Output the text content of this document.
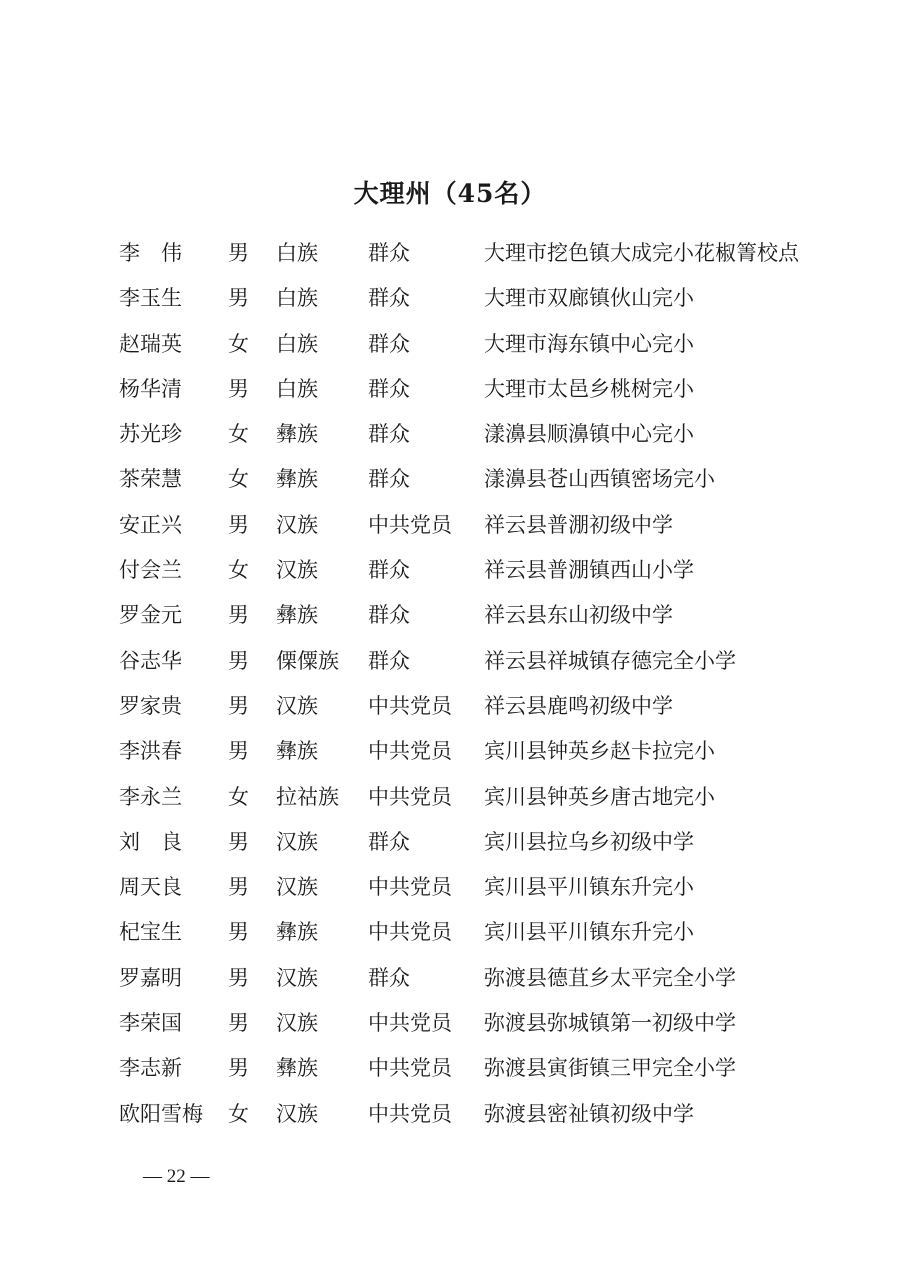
大理州（45名）
李　伟 男 白族 群众	大理市挖色镇大成完小花椒箐校点
李玉生 男 白族 群众	大理市双廊镇伙山完小
赵瑞英 女 白族 群众	大理市海东镇中心完小
杨华清 男 白族 群众	大理市太邑乡桃树完小
苏光珍 女 彝族 群众	漾濞县顺濞镇中心完小
茶荣慧 女 彝族 群众	漾濞县苍山西镇密场完小
安正兴 男 汉族 中共党员 祥云县普淜初级中学
付会兰 女 汉族 群众	祥云县普淜镇西山小学
罗金元 男 彝族 群众	祥云县东山初级中学
谷志华 男 傈僳族 群众	祥云县祥城镇存德完全小学
罗家贵 男 汉族 中共党员 祥云县鹿鸣初级中学
李洪春 男 彝族 中共党员 宾川县钟英乡赵卡拉完小
李永兰 女 拉祜族 中共党员 宾川县钟英乡唐古地完小
刘　良 男 汉族 群众	宾川县拉乌乡初级中学
周天良 男 汉族 中共党员 宾川县平川镇东升完小
杞宝生 男 彝族 中共党员 宾川县平川镇东升完小
罗嘉明 男 汉族 群众	弥渡县德苴乡太平完全小学
李荣国 男 汉族 中共党员 弥渡县弥城镇第一初级中学
李志新 男 彝族 中共党员 弥渡县寅街镇三甲完全小学
欧阳雪梅 女 汉族 中共党员 弥渡县密祉镇初级中学
— 22 —
